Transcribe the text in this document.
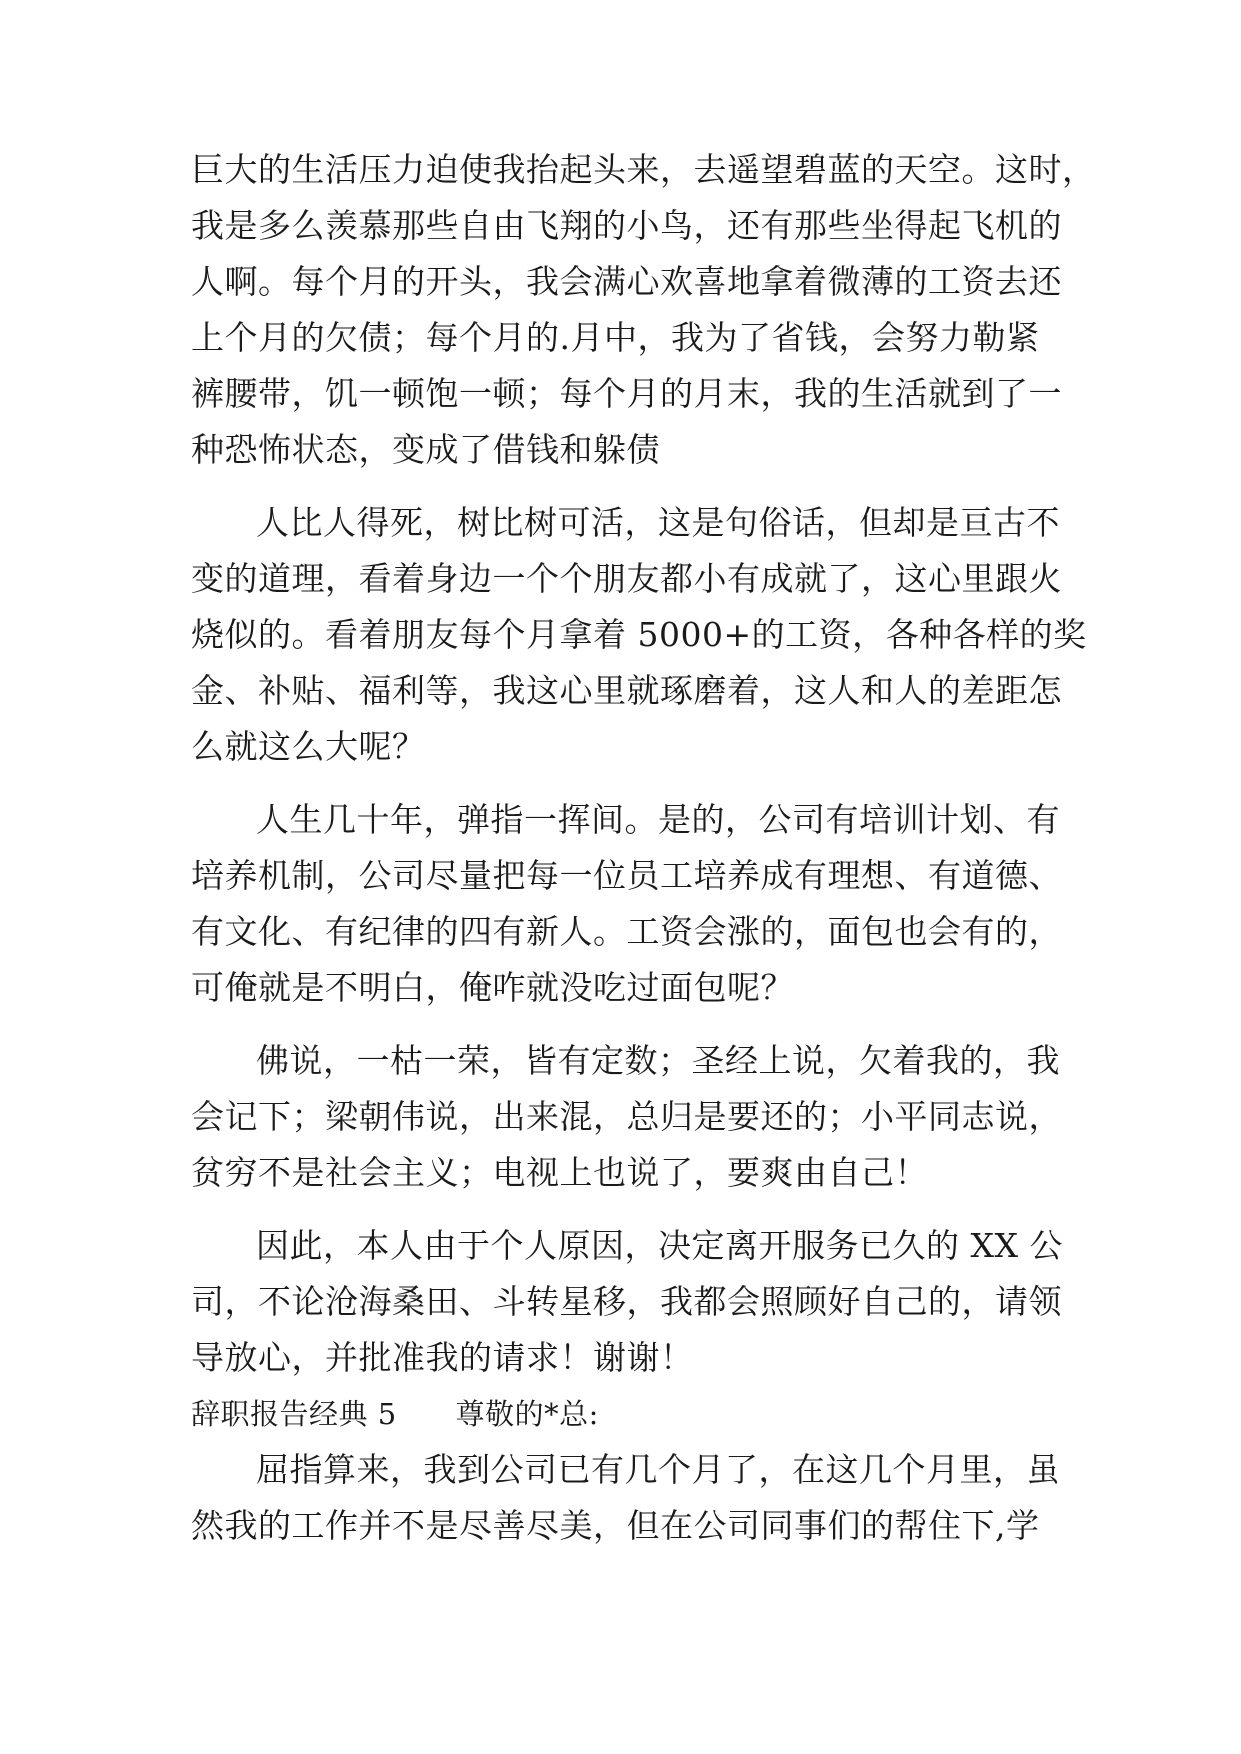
巨大的生活压力迫使我抬起头来，去遥望碧蓝的天空。这时，
我是多么羡慕那些自由飞翔的小鸟，还有那些坐得起飞机的
人啊。每个月的开头，我会满心欢喜地拿着微薄的工资去还
上个月的欠债；每个月的.月中，我为了省钱，会努力勒紧
裤腰带，饥一顿饱一顿；每个月的月末，我的生活就到了一
种恐怖状态，变成了借钱和躲债
人比人得死，树比树可活，这是句俗话，但却是亘古不
变的道理，看着身边一个个朋友都小有成就了，这心里跟火
烧似的。看着朋友每个月拿着 5000+的工资，各种各样的奖
金、补贴、福利等，我这心里就琢磨着，这人和人的差距怎
么就这么大呢？
人生几十年，弹指一挥间。是的，公司有培训计划、有
培养机制，公司尽量把每一位员工培养成有理想、有道德、
有文化、有纪律的四有新人。工资会涨的，面包也会有的，
可俺就是不明白，俺咋就没吃过面包呢？
佛说，一枯一荣，皆有定数；圣经上说，欠着我的，我
会记下；梁朝伟说，出来混，总归是要还的；小平同志说，
贫穷不是社会主义；电视上也说了，要爽由自己！
因此，本人由于个人原因，决定离开服务已久的 XX 公
司，不论沧海桑田、斗转星移，我都会照顾好自己的，请领
导放心，并批准我的请求！谢谢！
辞职报告经典 5　　尊敬的*总:
屈指算来，我到公司已有几个月了，在这几个月里，虽
然我的工作并不是尽善尽美，但在公司同事们的帮住下,学
